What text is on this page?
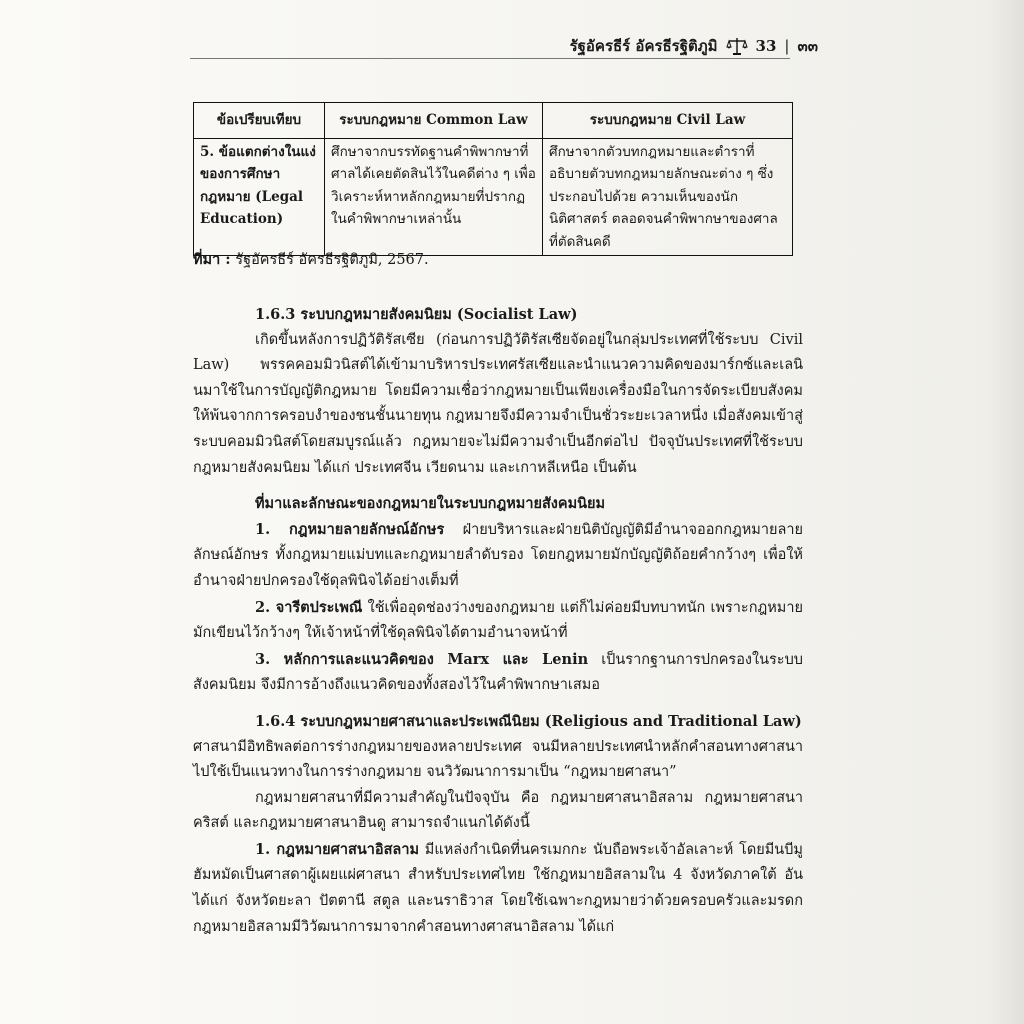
รัฐอัครธีร์ อัครธีรฐิติภูมิ	33 | ๓๓
ข้อเปรียบเทียบ	ระบบกฎหมาย Common Law	ระบบกฎหมาย Civil Law
5. ข้อแตกต่างในแง่ของการศึกษากฎหมาย (Legal Education)	ศึกษาจากบรรทัดฐานคำพิพากษาที่ศาลได้เคยตัดสินไว้ในคดีต่าง ๆ เพื่อวิเคราะห์หาหลักกฎหมายที่ปรากฏในคำพิพากษาเหล่านั้น	ศึกษาจากตัวบทกฎหมายและตำราที่อธิบายตัวบทกฎหมายลักษณะต่าง ๆ ซึ่งประกอบไปด้วย ความเห็นของนักนิติศาสตร์ ตลอดจนคำพิพากษาของศาลที่ตัดสินคดี
ที่มา : รัฐอัครธีร์ อัครธีรฐิติภูมิ, 2567.

1.6.3 ระบบกฎหมายสังคมนิยม (Socialist Law)

เกิดขึ้นหลังการปฏิวัติรัสเซีย (ก่อนการปฏิวัติรัสเซียจัดอยู่ในกลุ่มประเทศที่ใช้ระบบ Civil Law) พรรคคอมมิวนิสต์ได้เข้ามาบริหารประเทศรัสเซียและนำแนวความคิดของมาร์กซ์และเลนินมาใช้ในการบัญญัติกฎหมาย โดยมีความเชื่อว่ากฎหมายเป็นเพียงเครื่องมือในการจัดระเบียบสังคมให้พ้นจากการครอบงำของชนชั้นนายทุน กฎหมายจึงมีความจำเป็นชั่วระยะเวลาหนึ่ง เมื่อสังคมเข้าสู่ระบบคอมมิวนิสต์โดยสมบูรณ์แล้ว กฎหมายจะไม่มีความจำเป็นอีกต่อไป ปัจจุบันประเทศที่ใช้ระบบกฎหมายสังคมนิยม ได้แก่ ประเทศจีน เวียดนาม และเกาหลีเหนือ เป็นต้น

ที่มาและลักษณะของกฎหมายในระบบกฎหมายสังคมนิยม

1. กฎหมายลายลักษณ์อักษร ฝ่ายบริหารและฝ่ายนิติบัญญัติมีอำนาจออกกฎหมายลายลักษณ์อักษร ทั้งกฎหมายแม่บทและกฎหมายลำดับรอง โดยกฎหมายมักบัญญัติถ้อยคำกว้างๆ เพื่อให้อำนาจฝ่ายปกครองใช้ดุลพินิจได้อย่างเต็มที่

2. จารีตประเพณี ใช้เพื่ออุดช่องว่างของกฎหมาย แต่ก็ไม่ค่อยมีบทบาทนัก เพราะกฎหมายมักเขียนไว้กว้างๆ ให้เจ้าหน้าที่ใช้ดุลพินิจได้ตามอำนาจหน้าที่

3. หลักการและแนวคิดของ Marx และ Lenin เป็นรากฐานการปกครองในระบบสังคมนิยม จึงมีการอ้างถึงแนวคิดของทั้งสองไว้ในคำพิพากษาเสมอ

1.6.4 ระบบกฎหมายศาสนาและประเพณีนิยม (Religious and Traditional Law)

ศาสนามีอิทธิพลต่อการร่างกฎหมายของหลายประเทศ จนมีหลายประเทศนำหลักคำสอนทางศาสนาไปใช้เป็นแนวทางในการร่างกฎหมาย จนวิวัฒนาการมาเป็น “กฎหมายศาสนา”

กฎหมายศาสนาที่มีความสำคัญในปัจจุบัน คือ กฎหมายศาสนาอิสลาม กฎหมายศาสนาคริสต์ และกฎหมายศาสนาฮินดู สามารถจำแนกได้ดังนี้

1. กฎหมายศาสนาอิสลาม มีแหล่งกำเนิดที่นครเมกกะ นับถือพระเจ้าอัลเลาะห์ โดยมีนบีมูฮัมหมัดเป็นศาสดาผู้เผยแผ่ศาสนา สำหรับประเทศไทย ใช้กฎหมายอิสลามใน 4 จังหวัดภาคใต้ อันได้แก่ จังหวัดยะลา ปัตตานี สตูล และนราธิวาส โดยใช้เฉพาะกฎหมายว่าด้วยครอบครัวและมรดก กฎหมายอิสลามมีวิวัฒนาการมาจากคำสอนทางศาสนาอิสลาม ได้แก่
